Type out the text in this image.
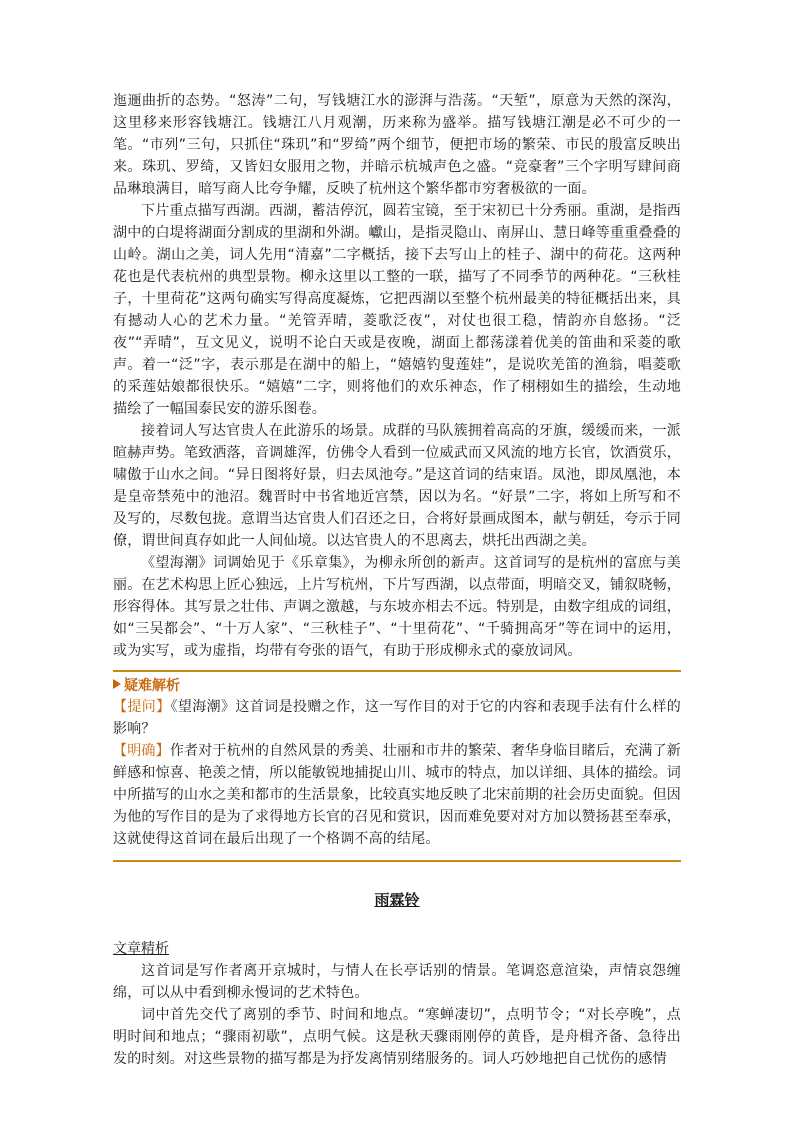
迤逦曲折的态势。“怒涛”二句，写钱塘江水的澎湃与浩荡。“天堑”，原意为天然的深沟，这里移来形容钱塘江。钱塘江八月观潮，历来称为盛举。描写钱塘江潮是必不可少的一笔。“市列”三句，只抓住“珠玑”和“罗绮”两个细节，便把市场的繁荣、市民的殷富反映出来。珠玑、罗绮，又皆妇女服用之物，并暗示杭城声色之盛。“竞豪奢”三个字明写肆间商品琳琅满目，暗写商人比夸争耀，反映了杭州这个繁华都市穷奢极欲的一面。

下片重点描写西湖。西湖，蓄洁停沉，圆若宝镜，至于宋初已十分秀丽。重湖，是指西湖中的白堤将湖面分割成的里湖和外湖。巘山，是指灵隐山、南屏山、慧日峰等重重叠叠的山岭。湖山之美，词人先用“清嘉”二字概括，接下去写山上的桂子、湖中的荷花。这两种花也是代表杭州的典型景物。柳永这里以工整的一联，描写了不同季节的两种花。“三秋桂子，十里荷花”这两句确实写得高度凝炼，它把西湖以至整个杭州最美的特征概括出来，具有撼动人心的艺术力量。“羌管弄晴，菱歌泛夜”，对仗也很工稳，情韵亦自悠扬。“泛夜”“弄晴”，互文见义，说明不论白天或是夜晚，湖面上都荡漾着优美的笛曲和采菱的歌声。着一“泛”字，表示那是在湖中的船上，“嬉嬉钓叟莲娃”，是说吹羌笛的渔翁，唱菱歌的采莲姑娘都很快乐。“嬉嬉”二字，则将他们的欢乐神态，作了栩栩如生的描绘，生动地描绘了一幅国泰民安的游乐图卷。

接着词人写达官贵人在此游乐的场景。成群的马队簇拥着高高的牙旗，缓缓而来，一派暄赫声势。笔致洒落，音调雄浑，仿佛令人看到一位威武而又风流的地方长官，饮酒赏乐，啸傲于山水之间。“异日图将好景，归去凤池夸。”是这首词的结束语。凤池，即凤凰池，本是皇帝禁苑中的池沼。魏晋时中书省地近宫禁，因以为名。“好景”二字，将如上所写和不及写的，尽数包拢。意谓当达官贵人们召还之日，合将好景画成图本，献与朝廷，夸示于同僚，谓世间真存如此一人间仙境。以达官贵人的不思离去，烘托出西湖之美。

《望海潮》词调始见于《乐章集》，为柳永所创的新声。这首词写的是杭州的富庶与美丽。在艺术构思上匠心独远，上片写杭州，下片写西湖，以点带面，明暗交叉，铺叙晓畅，形容得体。其写景之壮伟、声调之激越，与东坡亦相去不远。特别是，由数字组成的词组，如“三吴都会”、“十万人家”、“三秋桂子”、“十里荷花”、“千骑拥高牙”等在词中的运用，或为实写，或为虚指，均带有夸张的语气，有助于形成柳永式的豪放词风。

疑难解析

【提问】《望海潮》这首词是投赠之作，这一写作目的对于它的内容和表现手法有什么样的影响？

【明确】作者对于杭州的自然风景的秀美、壮丽和市井的繁荣、奢华身临目睹后，充满了新鲜感和惊喜、艳羡之情，所以能敏锐地捕捉山川、城市的特点，加以详细、具体的描绘。词中所描写的山水之美和都市的生活景象，比较真实地反映了北宋前期的社会历史面貌。但因为他的写作目的是为了求得地方长官的召见和赏识，因而难免要对对方加以赞扬甚至奉承，这就使得这首词在最后出现了一个格调不高的结尾。

雨霖铃

文章精析

这首词是写作者离开京城时，与情人在长亭话别的情景。笔调恣意渲染，声情哀怨缠绵，可以从中看到柳永慢词的艺术特色。

词中首先交代了离别的季节、时间和地点。“寒蝉凄切”，点明节令；“对长亭晚”，点明时间和地点；“骤雨初歇”，点明气候。这是秋天骤雨刚停的黄昏，是舟楫齐备、急待出发的时刻。对这些景物的描写都是为抒发离情别绪服务的。词人巧妙地把自己忧伤的感情
